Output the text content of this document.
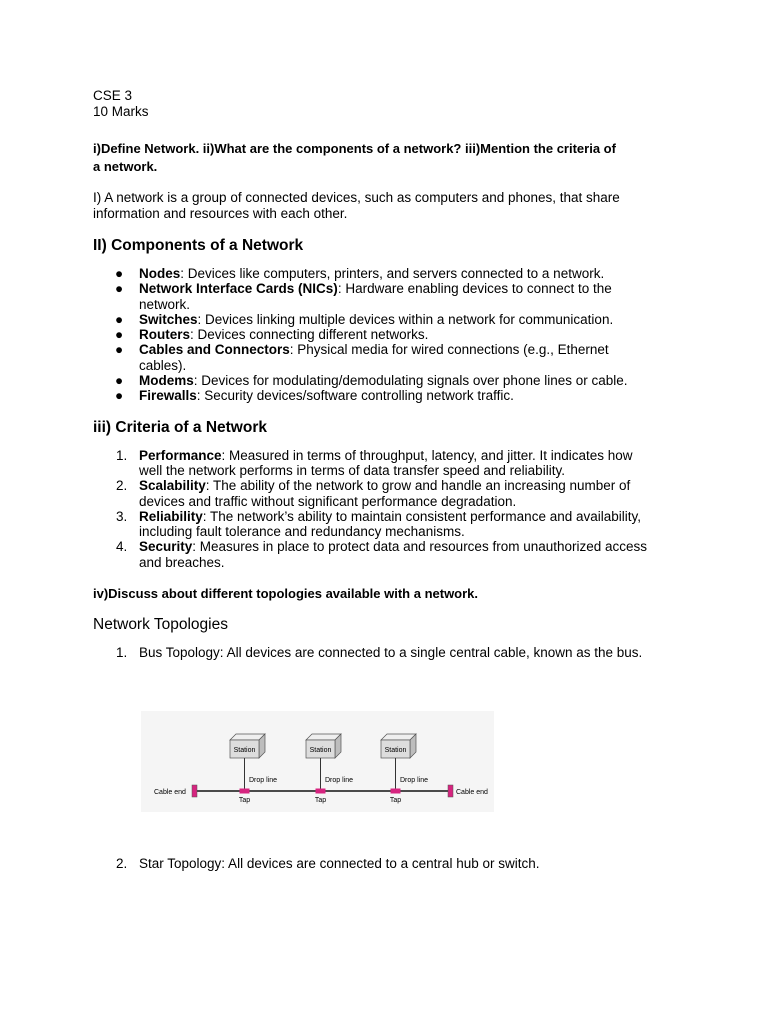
CSE 3

10 Marks

i)Define Network. ii)What are the components of a network? iii)Mention the criteria of

a network.

I) A network is a group of connected devices, such as computers and phones, that share

information and resources with each other.

II) Components of a Network
● Nodes: Devices like computers, printers, and servers connected to a network.
● Network Interface Cards (NICs): Hardware enabling devices to connect to the
network.
● Switches: Devices linking multiple devices within a network for communication.
● Routers: Devices connecting different networks.
● Cables and Connectors: Physical media for wired connections (e.g., Ethernet
cables).
● Modems: Devices for modulating/demodulating signals over phone lines or cable.
● Firewalls: Security devices/software controlling network traffic.
iii) Criteria of a Network
1. Performance: Measured in terms of throughput, latency, and jitter. It indicates how
well the network performs in terms of data transfer speed and reliability.
2. Scalability: The ability of the network to grow and handle an increasing number of
devices and traffic without significant performance degradation.
3. Reliability: The network’s ability to maintain consistent performance and availability,
including fault tolerance and redundancy mechanisms.
4. Security: Measures in place to protect data and resources from unauthorized access
and breaches.

iv)Discuss about different topologies available with a network.

Network Topologies
1. Bus Topology: All devices are connected to a single central cable, known as the bus.
Station	Station	Station
Drop line	Drop line	Drop line
Tap	Tap	Tap
Cable end	Cable end
2. Star Topology: All devices are connected to a central hub or switch.
